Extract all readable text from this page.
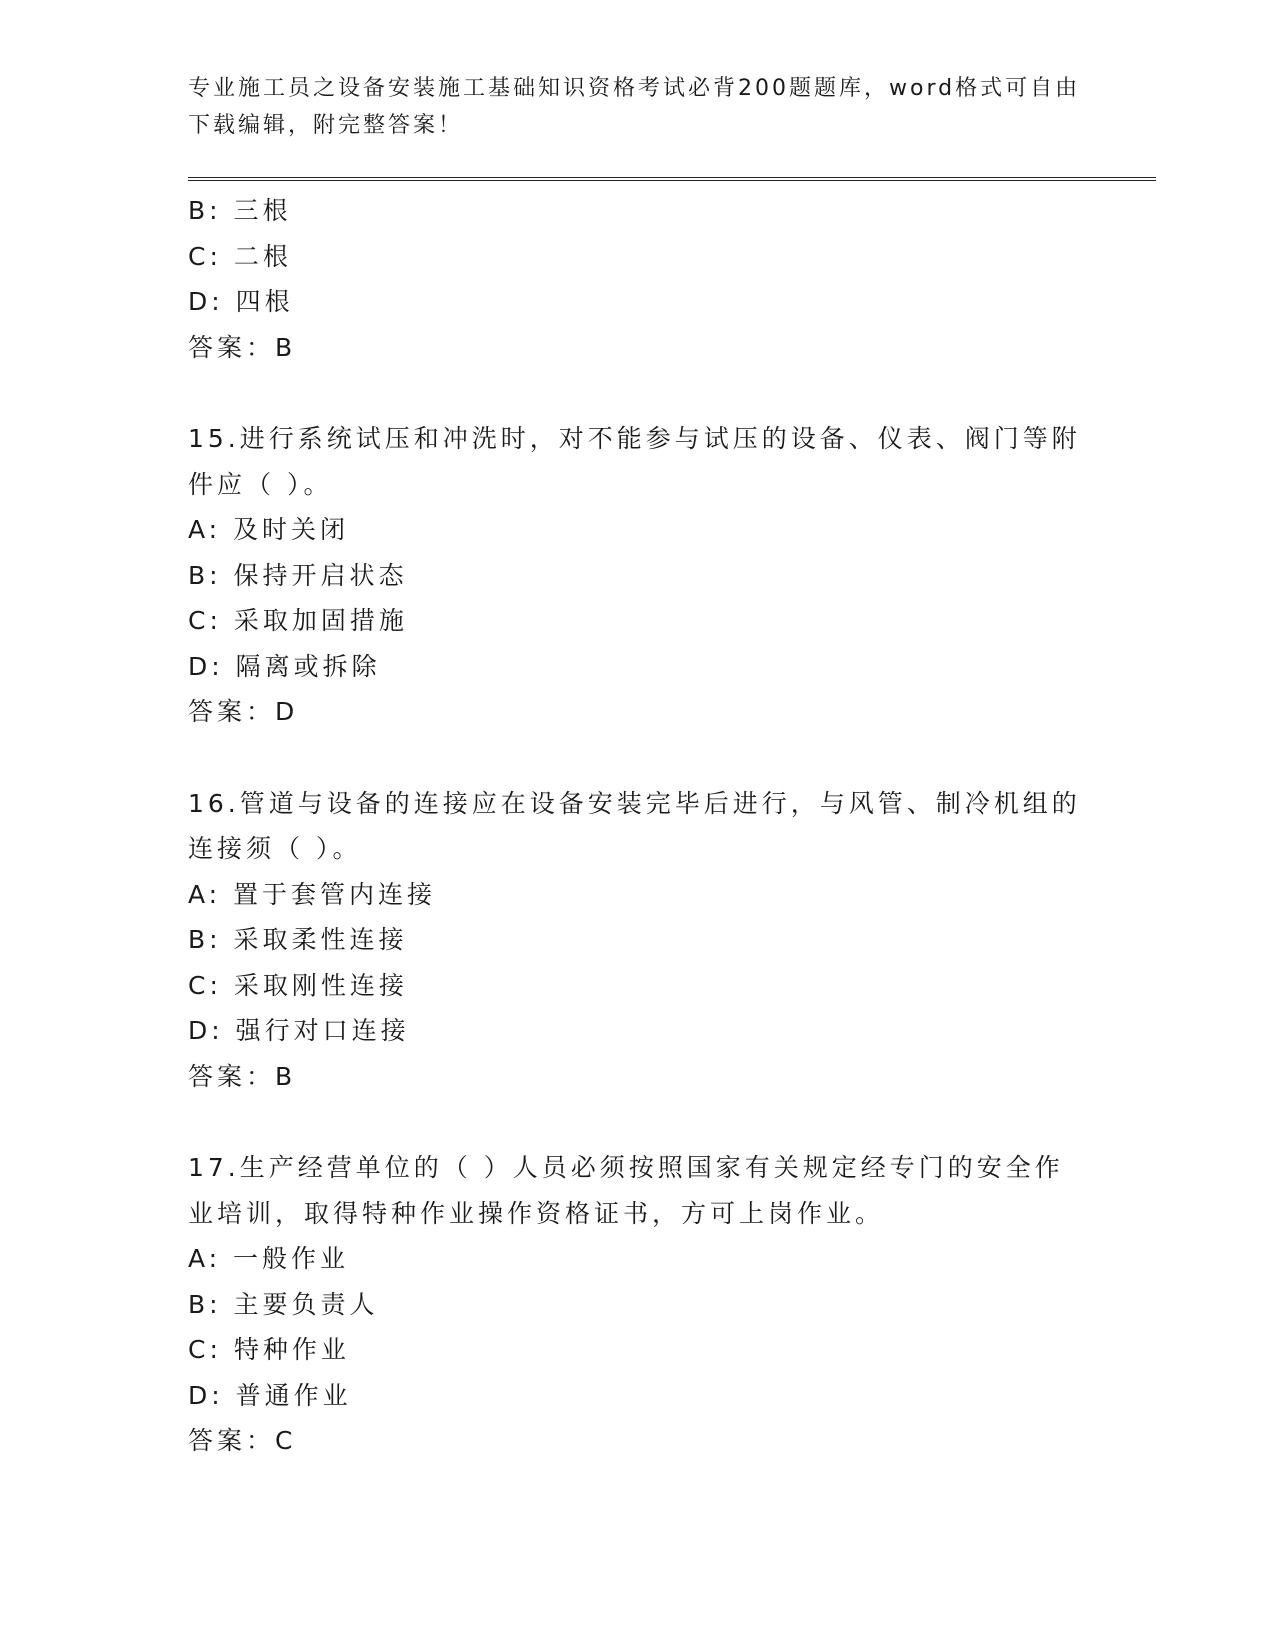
专业施工员之设备安装施工基础知识资格考试必背200题题库，word格式可自由
下载编辑，附完整答案！
B: 三根
C: 二根
D: 四根
答案：B
15.进行系统试压和冲洗时，对不能参与试压的设备、仪表、阀门等附
件应（ ）。
A: 及时关闭
B: 保持开启状态
C: 采取加固措施
D: 隔离或拆除
答案：D
16.管道与设备的连接应在设备安装完毕后进行，与风管、制冷机组的
连接须（ ）。
A: 置于套管内连接
B: 采取柔性连接
C: 采取刚性连接
D: 强行对口连接
答案：B
17.生产经营单位的（ ）人员必须按照国家有关规定经专门的安全作
业培训，取得特种作业操作资格证书，方可上岗作业。
A: 一般作业
B: 主要负责人
C: 特种作业
D: 普通作业
答案：C
